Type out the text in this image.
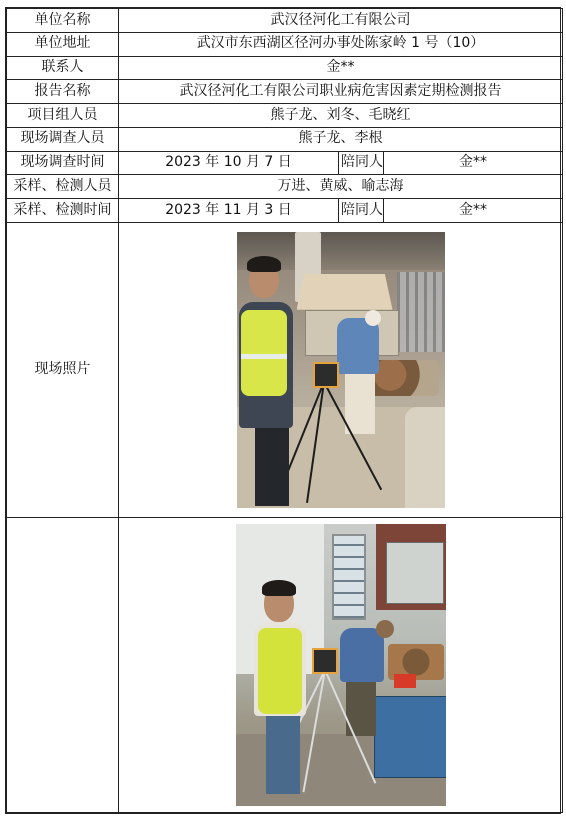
单位名称	武汉径河化工有限公司		
单位地址	武汉市东西湖区径河办事处陈家岭 1 号（10）		
联系人	金**		
报告名称	武汉径河化工有限公司职业病危害因素定期检测报告		
项目组人员	熊子龙、刘冬、毛晓红		
现场调查人员	熊子龙、李根		
现场调查时间	2023 年 10 月 7 日	陪同人	金**
采样、检测人员	万进、黄威、喻志海		
采样、检测时间	2023 年 11 月 3 日	陪同人	金**
现场照片			
